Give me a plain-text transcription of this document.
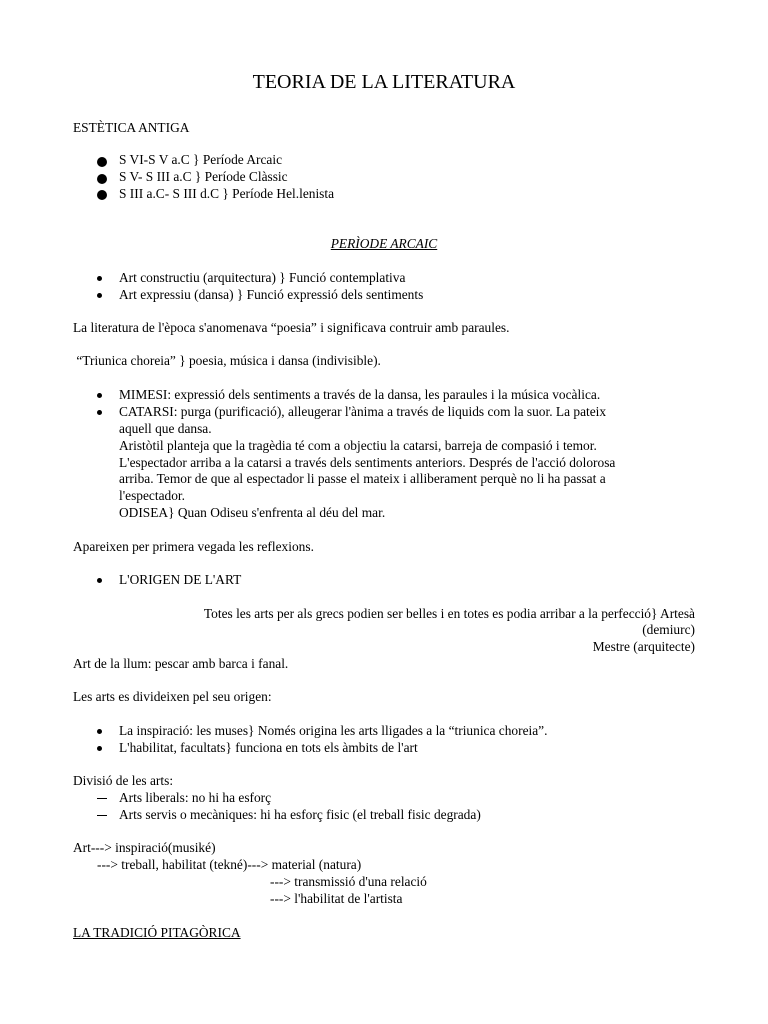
TEORIA DE LA LITERATURA
ESTÈTICA ANTIGA
S VI-S V a.C } Període Arcaic
S V- S III a.C } Període Clàssic
S III a.C- S III d.C } Període Hel.lenista
PERÌODE ARCAIC
Art constructiu (arquitectura) } Funció contemplativa
Art expressiu (dansa) } Funció expressió dels sentiments
La literatura de l'època s'anomenava “poesia” i significava contruir amb paraules.
“Triunica choreia” } poesia, música i dansa (indivisible).
MIMESI: expressió dels sentiments a través de la dansa, les paraules i la música vocàlica.
CATARSI: purga (purificació), alleugerar l'ànima a través de liquids com la suor. La pateix
aquell que dansa.
Aristòtil planteja que la tragèdia té com a objectiu la catarsi, barreja de compasió i temor.
L'espectador arriba a la catarsi a través dels sentiments anteriors. Després de l'acció dolorosa
arriba. Temor de que al espectador li passe el mateix i alliberament perquè no li ha passat a
l'espectador.
ODISEA} Quan Odiseu s'enfrenta al déu del mar.
Apareixen per primera vegada les reflexions.
L'ORIGEN DE L'ART
Totes les arts per als grecs podien ser belles i en totes es podia arribar a la perfecció} Artesà
(demiurc)
Mestre (arquitecte)
Art de la llum: pescar amb barca i fanal.
Les arts es divideixen pel seu origen:
La inspiració: les muses} Només origina les arts lligades a la “triunica choreia”.
L'habilitat, facultats} funciona en tots els àmbits de l'art
Divisió de les arts:
Arts liberals: no hi ha esforç
Arts servis o mecàniques: hi ha esforç fisic (el treball fisic degrada)
Art---> inspiració(musiké)
---> treball, habilitat (tekné)---> material (natura)
---> transmissió d'una relació
---> l'habilitat de l'artista
LA TRADICIÓ PITAGÒRICA
